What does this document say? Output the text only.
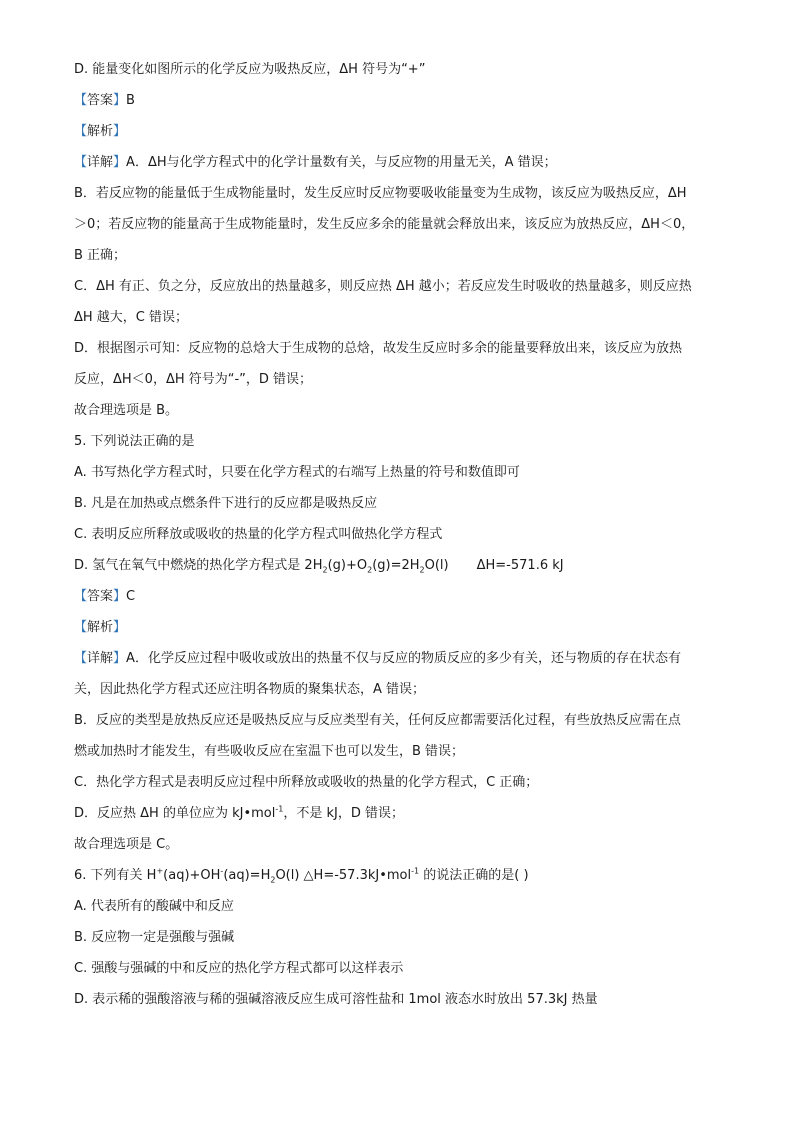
D. 能量变化如图所示的化学反应为吸热反应，ΔH 符号为“+”

【答案】B

【解析】

【详解】A．ΔH与化学方程式中的化学计量数有关，与反应物的用量无关，A 错误；

B．若反应物的能量低于生成物能量时，发生反应时反应物要吸收能量变为生成物，该反应为吸热反应，ΔH

＞0；若反应物的能量高于生成物能量时，发生反应多余的能量就会释放出来，该反应为放热反应，ΔH＜0，

B 正确；

C．ΔH 有正、负之分，反应放出的热量越多，则反应热 ΔH 越小；若反应发生时吸收的热量越多，则反应热

ΔH 越大，C 错误；

D．根据图示可知：反应物的总焓大于生成物的总焓，故发生反应时多余的能量要释放出来，该反应为放热

反应，ΔH＜0，ΔH 符号为“-”，D 错误；

故合理选项是 B。

5. 下列说法正确的是

A. 书写热化学方程式时，只要在化学方程式的右端写上热量的符号和数值即可

B. 凡是在加热或点燃条件下进行的反应都是吸热反应

C. 表明反应所释放或吸收的热量的化学方程式叫做热化学方程式

D. 氢气在氧气中燃烧的热化学方程式是 $2H_2(g)+O_2(g)=2H_2O(l)$ ΔH=-571.6 kJ

【答案】C

【解析】

【详解】A．化学反应过程中吸收或放出的热量不仅与反应的物质反应的多少有关，还与物质的存在状态有

关，因此热化学方程式还应注明各物质的聚集状态，A 错误；

B．反应的类型是放热反应还是吸热反应与反应类型有关，任何反应都需要活化过程，有些放热反应需在点

燃或加热时才能发生，有些吸收反应在室温下也可以发生，B 错误；

C．热化学方程式是表明反应过程中所释放或吸收的热量的化学方程式，C 正确；

D．反应热 ΔH 的单位应为 kJ•mol$^{-1}$，不是 kJ，D 错误；

故合理选项是 C。

6. 下列有关 $H^+(aq)+OH^-(aq)=H_2O(l)$ △H=-57.3kJ•mol$^{-1}$ 的说法正确的是( )

A. 代表所有的酸碱中和反应

B. 反应物一定是强酸与强碱

C. 强酸与强碱的中和反应的热化学方程式都可以这样表示

D. 表示稀的强酸溶液与稀的强碱溶液反应生成可溶性盐和 1mol 液态水时放出 57.3kJ 热量
